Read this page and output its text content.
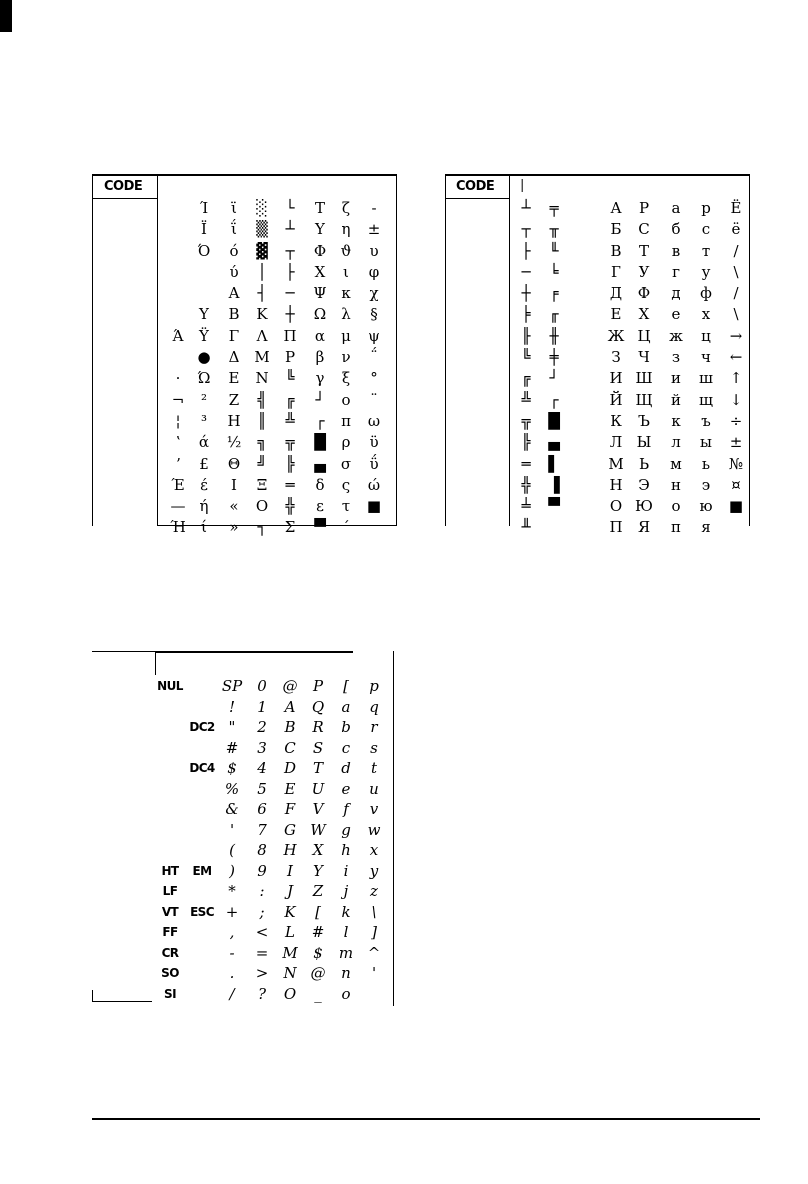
CODE
Ά
·
¬
¦
ʽ
ʼ
Έ
—
Ή
Ί
Ϊ
Ό
Y
Ÿ
●
Ώ
²
³
ά
£
έ
ή
ί
ϊ
ΐ
ό
ύ
Α
Β
Γ
Δ
Ε
Ζ
Η
½
Θ
Ι
«
»
░
▒
▓
│
┤
Κ
Λ
Μ
Ν
╣
║
╗
╝
Ξ
Ο
┐
└
┴
┬
├
─
┼
Π
Ρ
╚
╔
╩
╦
╠
═
╬
Σ
Τ
Υ
Φ
Χ
Ψ
Ω
α
β
γ
┘
┌
█
▄
δ
ε
▀
ζ
η
ϑ
ι
κ
λ
μ
ν
ξ
ο
π
ρ
σ
ς
τ
´
-
±
υ
φ
χ
§
ψ
΅
°
¨
ω
ϋ
ΰ
ώ
■
CODE |
┴
┬
├
─
┼
╞
╟
╚
╔
╩
╦
╠
═
╬
╧
╨
╤
╥
╙
╘
╒
╓
╫
╪
┘
┌
█
▄
▌
▐
▀
Α
Б
В
Г
Д
Е
Ж
З
И
Й
К
Л
М
Н
О
П
Р
С
Т
У
Ф
Х
Ц
Ч
Ш
Щ
Ъ
Ы
Ь
Э
Ю
Я
а
б
в
г
д
е
ж
з
и
й
к
л
м
н
о
п
р
с
т
у
ф
х
ц
ч
ш
щ
ъ
ы
ь
э
ю
я
Ë
ё
/
\
/
\
→
←
↑
↓
÷
±
№
¤
■
NUL
HT
LF
VT
FF
CR
SO
SI
DC2
DC4
EM
ESC
SP
!
"
#
$
%
&
'
(
)
*
+
,
-
.
/
0
1
2
3
4
5
6
7
8
9
:
;
<
=
>
?
@
A
B
C
D
E
F
G
H
I
J
K
L
M
N
O
P
Q
R
S
T
U
V
W
X
Y
Z
[
#
$
@
_
[
a
b
c
d
e
f
g
h
i
j
k
l
m
n
o
p
q
r
s
t
u
v
w
x
y
z
\
]
^
'
